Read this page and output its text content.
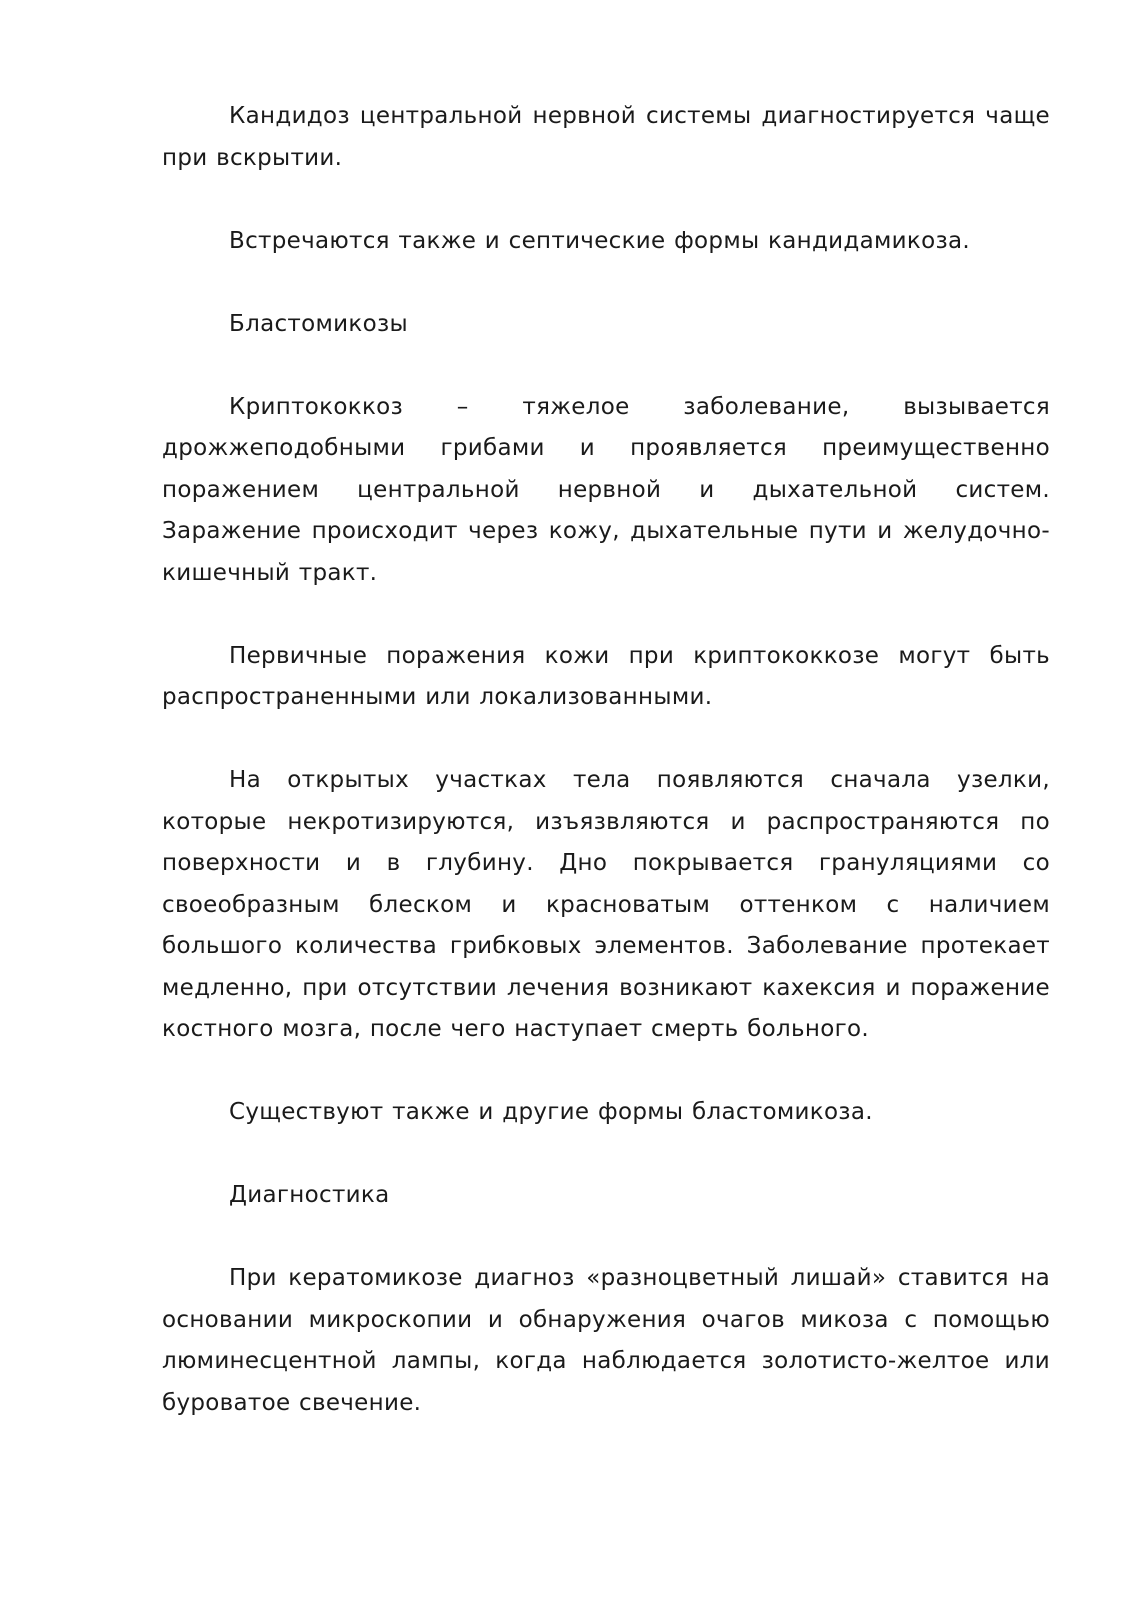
Кандидоз центральной нервной системы диагностируется чаще при вскрытии.

Встречаются также и септические формы кандидамикоза.

Бластомикозы

Криптококкоз – тяжелое заболевание, вызывается дрожжеподобными грибами и проявляется преимущественно поражением центральной нервной и дыхательной систем. Заражение происходит через кожу, дыхательные пути и желудочно-кишечный тракт.

Первичные поражения кожи при криптококкозе могут быть распространенными или локализованными.

На открытых участках тела появляются сначала узелки, которые некротизируются, изъязвляются и распространяются по поверхности и в глубину. Дно покрывается грануляциями со своеобразным блеском и красноватым оттенком с наличием большого количества грибковых элементов. Заболевание протекает медленно, при отсутствии лечения возникают кахексия и поражение костного мозга, после чего наступает смерть больного.

Существуют также и другие формы бластомикоза.

Диагностика

При кератомикозе диагноз «разноцветный лишай» ставится на основании микроскопии и обнаружения очагов микоза с помощью люминесцентной лампы, когда наблюдается золотисто-желтое или буроватое свечение.
